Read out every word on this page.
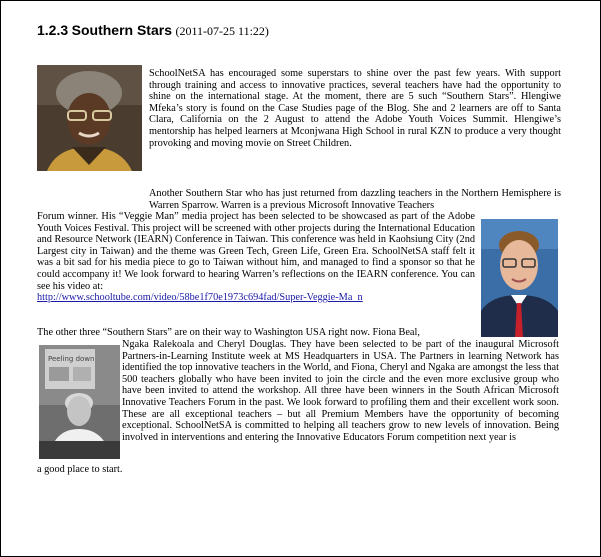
1.2.3 Southern Stars (2011-07-25 11:22)
Peeling down

SchoolNetSA has encouraged some superstars to shine over the past few years. With support through training and access to innovative practices, several teachers have had the opportunity to shine on the international stage. At the moment, there are 5 such “Southern Stars”. Hlengiwe Mfeka’s story is found on the Case Studies page of the Blog. She and 2 learners are off to Santa Clara, California on the 2 August to attend the Adobe Youth Voices Summit. Hlengiwe’s mentorship has helped learners at Mconjwana High School in rural KZN to produce a very thought provoking and moving movie on Street Children.

Another Southern Star who has just returned from dazzling teachers in the Northern Hemisphere is Warren Sparrow. Warren is a previous Microsoft Innovative Teachers

Forum winner. His “Veggie Man” media project has been selected to be showcased as part of the Adobe Youth Voices Festival. This project will be screened with other projects during the International Education and Resource Network (IEARN) Conference in Taiwan. This conference was held in Kaohsiung City (2nd Largest city in Taiwan) and the theme was Green Tech, Green Life, Green Era. SchoolNetSA staff felt it was a bit sad for his media piece to go to Taiwan without him, and managed to find a sponsor so that he could accompany it! We look forward to hearing Warren’s reflections on the IEARN conference. You can see his video at:
http://www.schooltube.com/video/58be1f70e1973c694fad/Super-Veggie-Ma_n

The other three “Southern Stars” are on their way to Washington USA right now. Fiona Beal,

Ngaka Ralekoala and Cheryl Douglas. They have been selected to be part of the inaugural Microsoft Partners-in-Learning Institute week at MS Headquarters in USA. The Partners in learning Network has identified the top innovative teachers in the World, and Fiona, Cheryl and Ngaka are amongst the less that 500 teachers globally who have been invited to join the circle and the even more exclusive group who have been invited to attend the workshop. All three have been winners in the South African Microsoft Innovative Teachers Forum in the past. We look forward to profiling them and their excellent work soon. These are all exceptional teachers – but all Premium Members have the opportunity of becoming exceptional. SchoolNetSA is committed to helping all teachers grow to new levels of innovation. Being involved in interventions and entering the Innovative Educators Forum competition next year is

a good place to start.
